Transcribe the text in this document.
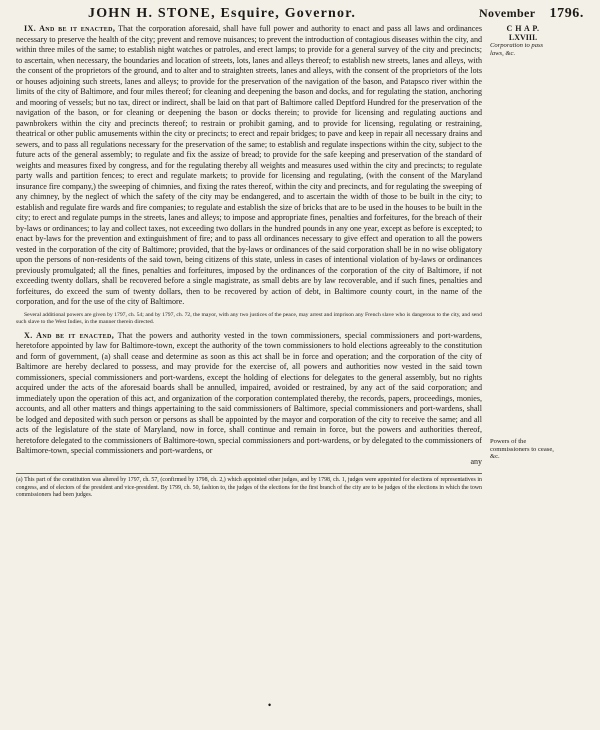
JOHN H. STONE, Esquire, Governor.	November 1796.

IX. And be it enacted, That the corporation aforesaid, shall have full power and authority to enact and pass all laws and ordinances necessary to preserve the health of the city; prevent and remove nuisances; to prevent the introduction of contagious diseases within the city, and within three miles of the same; to establish night watches or patroles, and erect lamps; to provide for a general survey of the city and precincts; to ascertain, when necessary, the boundaries and location of streets, lots, lanes and alleys thereof; to establish new streets, lanes and alleys, with the consent of the proprietors of the ground, and to alter and to straighten streets, lanes and alleys, with the consent of the proprietors of the lots or houses adjoining such streets, lanes and alleys; to provide for the preservation of the navigation of the bason, and Patapsco river within the limits of the city of Baltimore, and four miles thereof; for cleaning and deepening the bason and docks, and for regulating the station, anchoring and mooring of vessels; but no tax, direct or indirect, shall be laid on that part of Baltimore called Deptford Hundred for the preservation of the navigation of the bason, or for cleaning or deepening the bason or docks therein; to provide for licensing and regulating auctions and pawnbrokers within the city and precincts thereof; to restrain or prohibit gaming, and to provide for licensing, regulating or restraining, theatrical or other public amusements within the city or precincts; to erect and repair bridges; to pave and keep in repair all necessary drains and sewers, and to pass all regulations necessary for the preservation of the same; to establish and regulate inspections within the city, subject to the future acts of the general assembly; to regulate and fix the assize of bread; to provide for the safe keeping and preservation of the standard of weights and measures fixed by congress, and for the regulating thereby all weights and measures used within the city and precincts; to regulate party walls and partition fences; to erect and regulate markets; to provide for licensing and regulating, (with the consent of the Maryland insurance fire company,) the sweeping of chimnies, and fixing the rates thereof, within the city and precincts, and for regulating the sweeping of any chimney, by the neglect of which the safety of the city may be endangered, and to ascertain the width of those to be built in the city; to establish and regulate fire wards and fire companies; to regulate and establish the size of bricks that are to be used in the houses to be built in the city; to erect and regulate pumps in the streets, lanes and alleys; to impose and appropriate fines, penalties and forfeitures, for the breach of their by-laws or ordinances; to lay and collect taxes, not exceeding two dollars in the hundred pounds in any one year, except as before is excepted; to enact by-laws for the prevention and extinguishment of fire; and to pass all ordinances necessary to give effect and operation to all the powers vested in the corporation of the city of Baltimore; provided, that the by-laws or ordinances of the said corporation shall be in no wise obligatory upon the persons of non-residents of the said town, being citizens of this state, unless in cases of intentional violation of by-laws or ordinances previously promulgated; all the fines, penalties and forfeitures, imposed by the ordinances of the corporation of the city of Baltimore, if not exceeding twenty dollars, shall be recovered before a single magistrate, as small debts are by law recoverable, and if such fines, penalties and forfeitures, do exceed the sum of twenty dollars, then to be recovered by action of debt, in Baltimore county court, in the name of the corporation, and for the use of the city of Baltimore.

Several additional powers are given by 1797, ch. 54; and by 1797, ch. 72, the mayor, with any two justices of the peace, may arrest and imprison any French slave who is dangerous to the city, and send such slave to the West Indies, in the manner therein directed.

X. And be it enacted, That the powers and authority vested in the town commissioners, special commissioners and port-wardens, heretofore appointed by law for Baltimore-town, except the authority of the town commissioners to hold elections agreeably to the constitution and form of government, (a) shall cease and determine as soon as this act shall be in force and operation; and the corporation of the city of Baltimore are hereby declared to possess, and may provide for the exercise of, all powers and authorities now vested in the said town commissioners, special commissioners and port-wardens, except the holding of elections for delegates to the general assembly, but no rights acquired under the acts of the aforesaid boards shall be annulled, impaired, avoided or restrained, by any act of the said corporation; and immediately upon the operation of this act, and organization of the corporation contemplated thereby, the records, papers, proceedings, monies, accounts, and all other matters and things appertaining to the said commissioners of Baltimore, special commissioners and port-wardens, shall be lodged and deposited with such person or persons as shall be appointed by the mayor and corporation of the city to receive the same; and all acts of the legislature of the state of Maryland, now in force, shall continue and remain in force, but the powers and authorities thereof, heretofore delegated to the commissioners of Baltimore-town, special commissioners and port-wardens, or by delegated to the commissioners of Baltimore-town, special commissioners and port-wardens, or

any
(a) This part of the constitution was altered by 1797, ch. 57, (confirmed by 1798, ch. 2,) which appointed other judges, and by 1798, ch. 1, judges were appointed for elections of representatives in congress, and of electors of the president and vice-president. By 1799, ch. 50, fashion to, the judges of the elections for the first branch of the city are to be judges of the elections in which the town commissioners had been judges.
C H A P.
LXVIII.
Corporation to pass laws, &c.
Powers of the commissioners to cease, &c.
•
